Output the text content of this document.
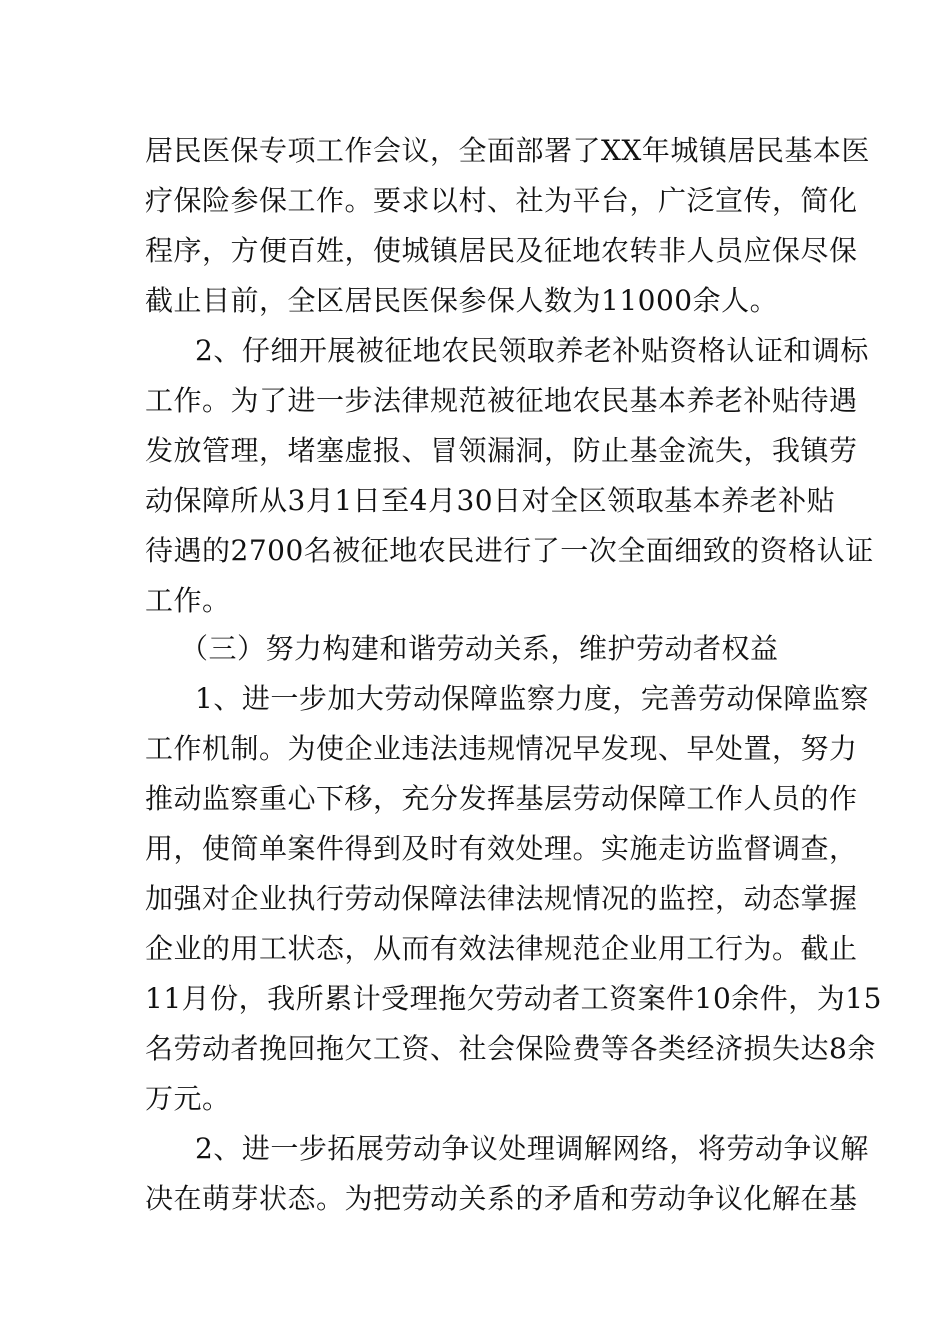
居民医保专项工作会议，全面部署了XX年城镇居民基本医
疗保险参保工作。要求以村、社为平台，广泛宣传，简化
程序，方便百姓，使城镇居民及征地农转非人员应保尽保
截止目前，全区居民医保参保人数为11000余人。
2、仔细开展被征地农民领取养老补贴资格认证和调标
工作。为了进一步法律规范被征地农民基本养老补贴待遇
发放管理，堵塞虚报、冒领漏洞，防止基金流失，我镇劳
动保障所从3月1日至4月30日对全区领取基本养老补贴
待遇的2700名被征地农民进行了一次全面细致的资格认证
工作。
（三）努力构建和谐劳动关系，维护劳动者权益
1、进一步加大劳动保障监察力度，完善劳动保障监察
工作机制。为使企业违法违规情况早发现、早处置，努力
推动监察重心下移，充分发挥基层劳动保障工作人员的作
用，使简单案件得到及时有效处理。实施走访监督调查，
加强对企业执行劳动保障法律法规情况的监控，动态掌握
企业的用工状态，从而有效法律规范企业用工行为。截止
11月份，我所累计受理拖欠劳动者工资案件10余件，为15
名劳动者挽回拖欠工资、社会保险费等各类经济损失达8余
万元。
2、进一步拓展劳动争议处理调解网络，将劳动争议解
决在萌芽状态。为把劳动关系的矛盾和劳动争议化解在基
